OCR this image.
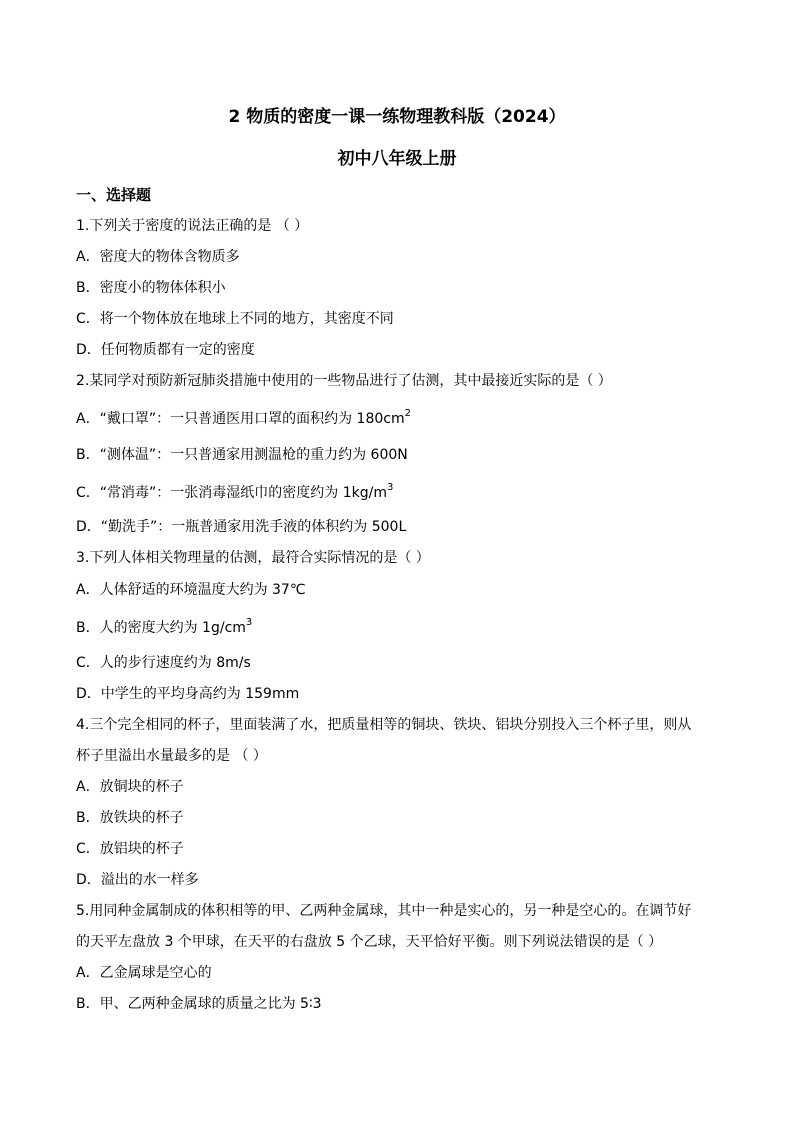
2 物质的密度一课一练物理教科版（2024）
初中八年级上册
一、选择题
1.下列关于密度的说法正确的是 （ ）
A．密度大的物体含物质多
B．密度小的物体体积小
C．将一个物体放在地球上不同的地方，其密度不同
D．任何物质都有一定的密度
2.某同学对预防新冠肺炎措施中使用的一些物品进行了估测，其中最接近实际的是（ ）
A．“戴口罩”：一只普通医用口罩的面积约为 $180cm^2$
B．“测体温”：一只普通家用测温枪的重力约为 600N
C．“常消毒”：一张消毒湿纸巾的密度约为 $1kg/m^3$
D．“勤洗手”：一瓶普通家用洗手液的体积约为 500L
3.下列人体相关物理量的估测，最符合实际情况的是（ ）
A．人体舒适的环境温度大约为 37℃
B．人的密度大约为 $1g/cm^3$
C．人的步行速度约为 8m/s
D．中学生的平均身高约为 159mm
4.三个完全相同的杯子，里面装满了水，把质量相等的铜块、铁块、铝块分别投入三个杯子里，则从
杯子里溢出水量最多的是 （ ）
A．放铜块的杯子
B．放铁块的杯子
C．放铝块的杯子
D．溢出的水一样多
5.用同种金属制成的体积相等的甲、乙两种金属球，其中一种是实心的，另一种是空心的。在调节好
的天平左盘放 3 个甲球，在天平的右盘放 5 个乙球，天平恰好平衡。则下列说法错误的是（ ）
A．乙金属球是空心的
B．甲、乙两种金属球的质量之比为 5∶3
